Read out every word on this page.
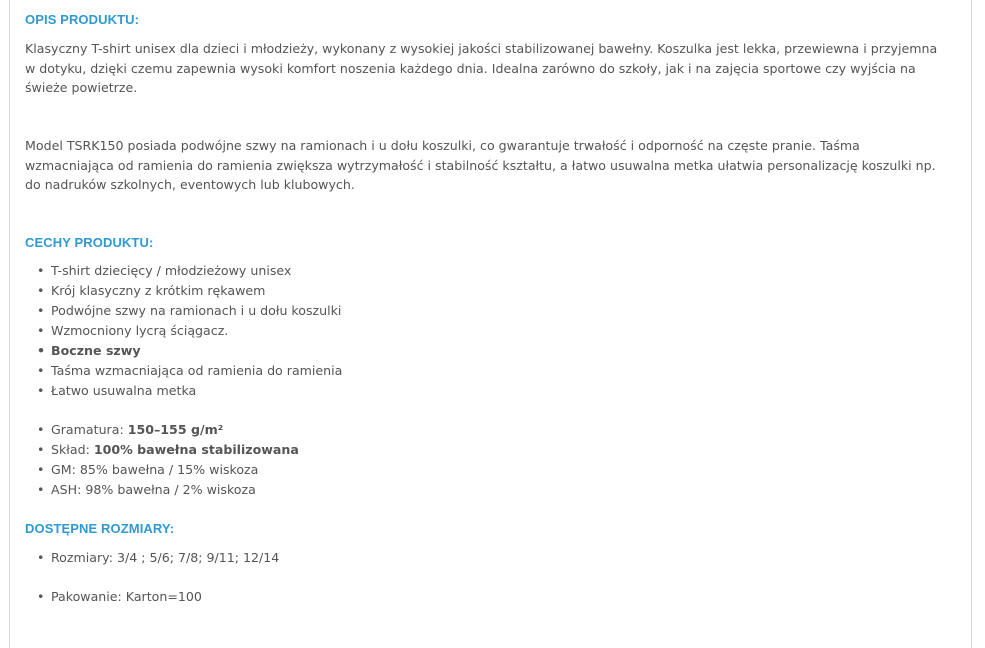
OPIS PRODUKTU:

Klasyczny T-shirt unisex dla dzieci i młodzieży, wykonany z wysokiej jakości stabilizowanej bawełny. Koszulka jest lekka, przewiewna i przyjemna w dotyku, dzięki czemu zapewnia wysoki komfort noszenia każdego dnia. Idealna zarówno do szkoły, jak i na zajęcia sportowe czy wyjścia na świeże powietrze.

Model TSRK150 posiada podwójne szwy na ramionach i u dołu koszulki, co gwarantuje trwałość i odporność na częste pranie. Taśma wzmacniająca od ramienia do ramienia zwiększa wytrzymałość i stabilność kształtu, a łatwo usuwalna metka ułatwia personalizację koszulki np. do nadruków szkolnych, eventowych lub klubowych.

CECHY PRODUKTU:
• T-shirt dziecięcy / młodzieżowy unisex
• Krój klasyczny z krótkim rękawem
• Podwójne szwy na ramionach i u dołu koszulki
• Wzmocniony lycrą ściągacz.
• Boczne szwy
• Taśma wzmacniająca od ramienia do ramienia
• Łatwo usuwalna metka
• Gramatura: 150–155 g/m²
• Skład: 100% bawełna stabilizowana
• GM: 85% bawełna / 15% wiskoza
• ASH: 98% bawełna / 2% wiskoza
DOSTĘPNE ROZMIARY:
• Rozmiary: 3/4 ; 5/6; 7/8; 9/11; 12/14
• Pakowanie: Karton=100
